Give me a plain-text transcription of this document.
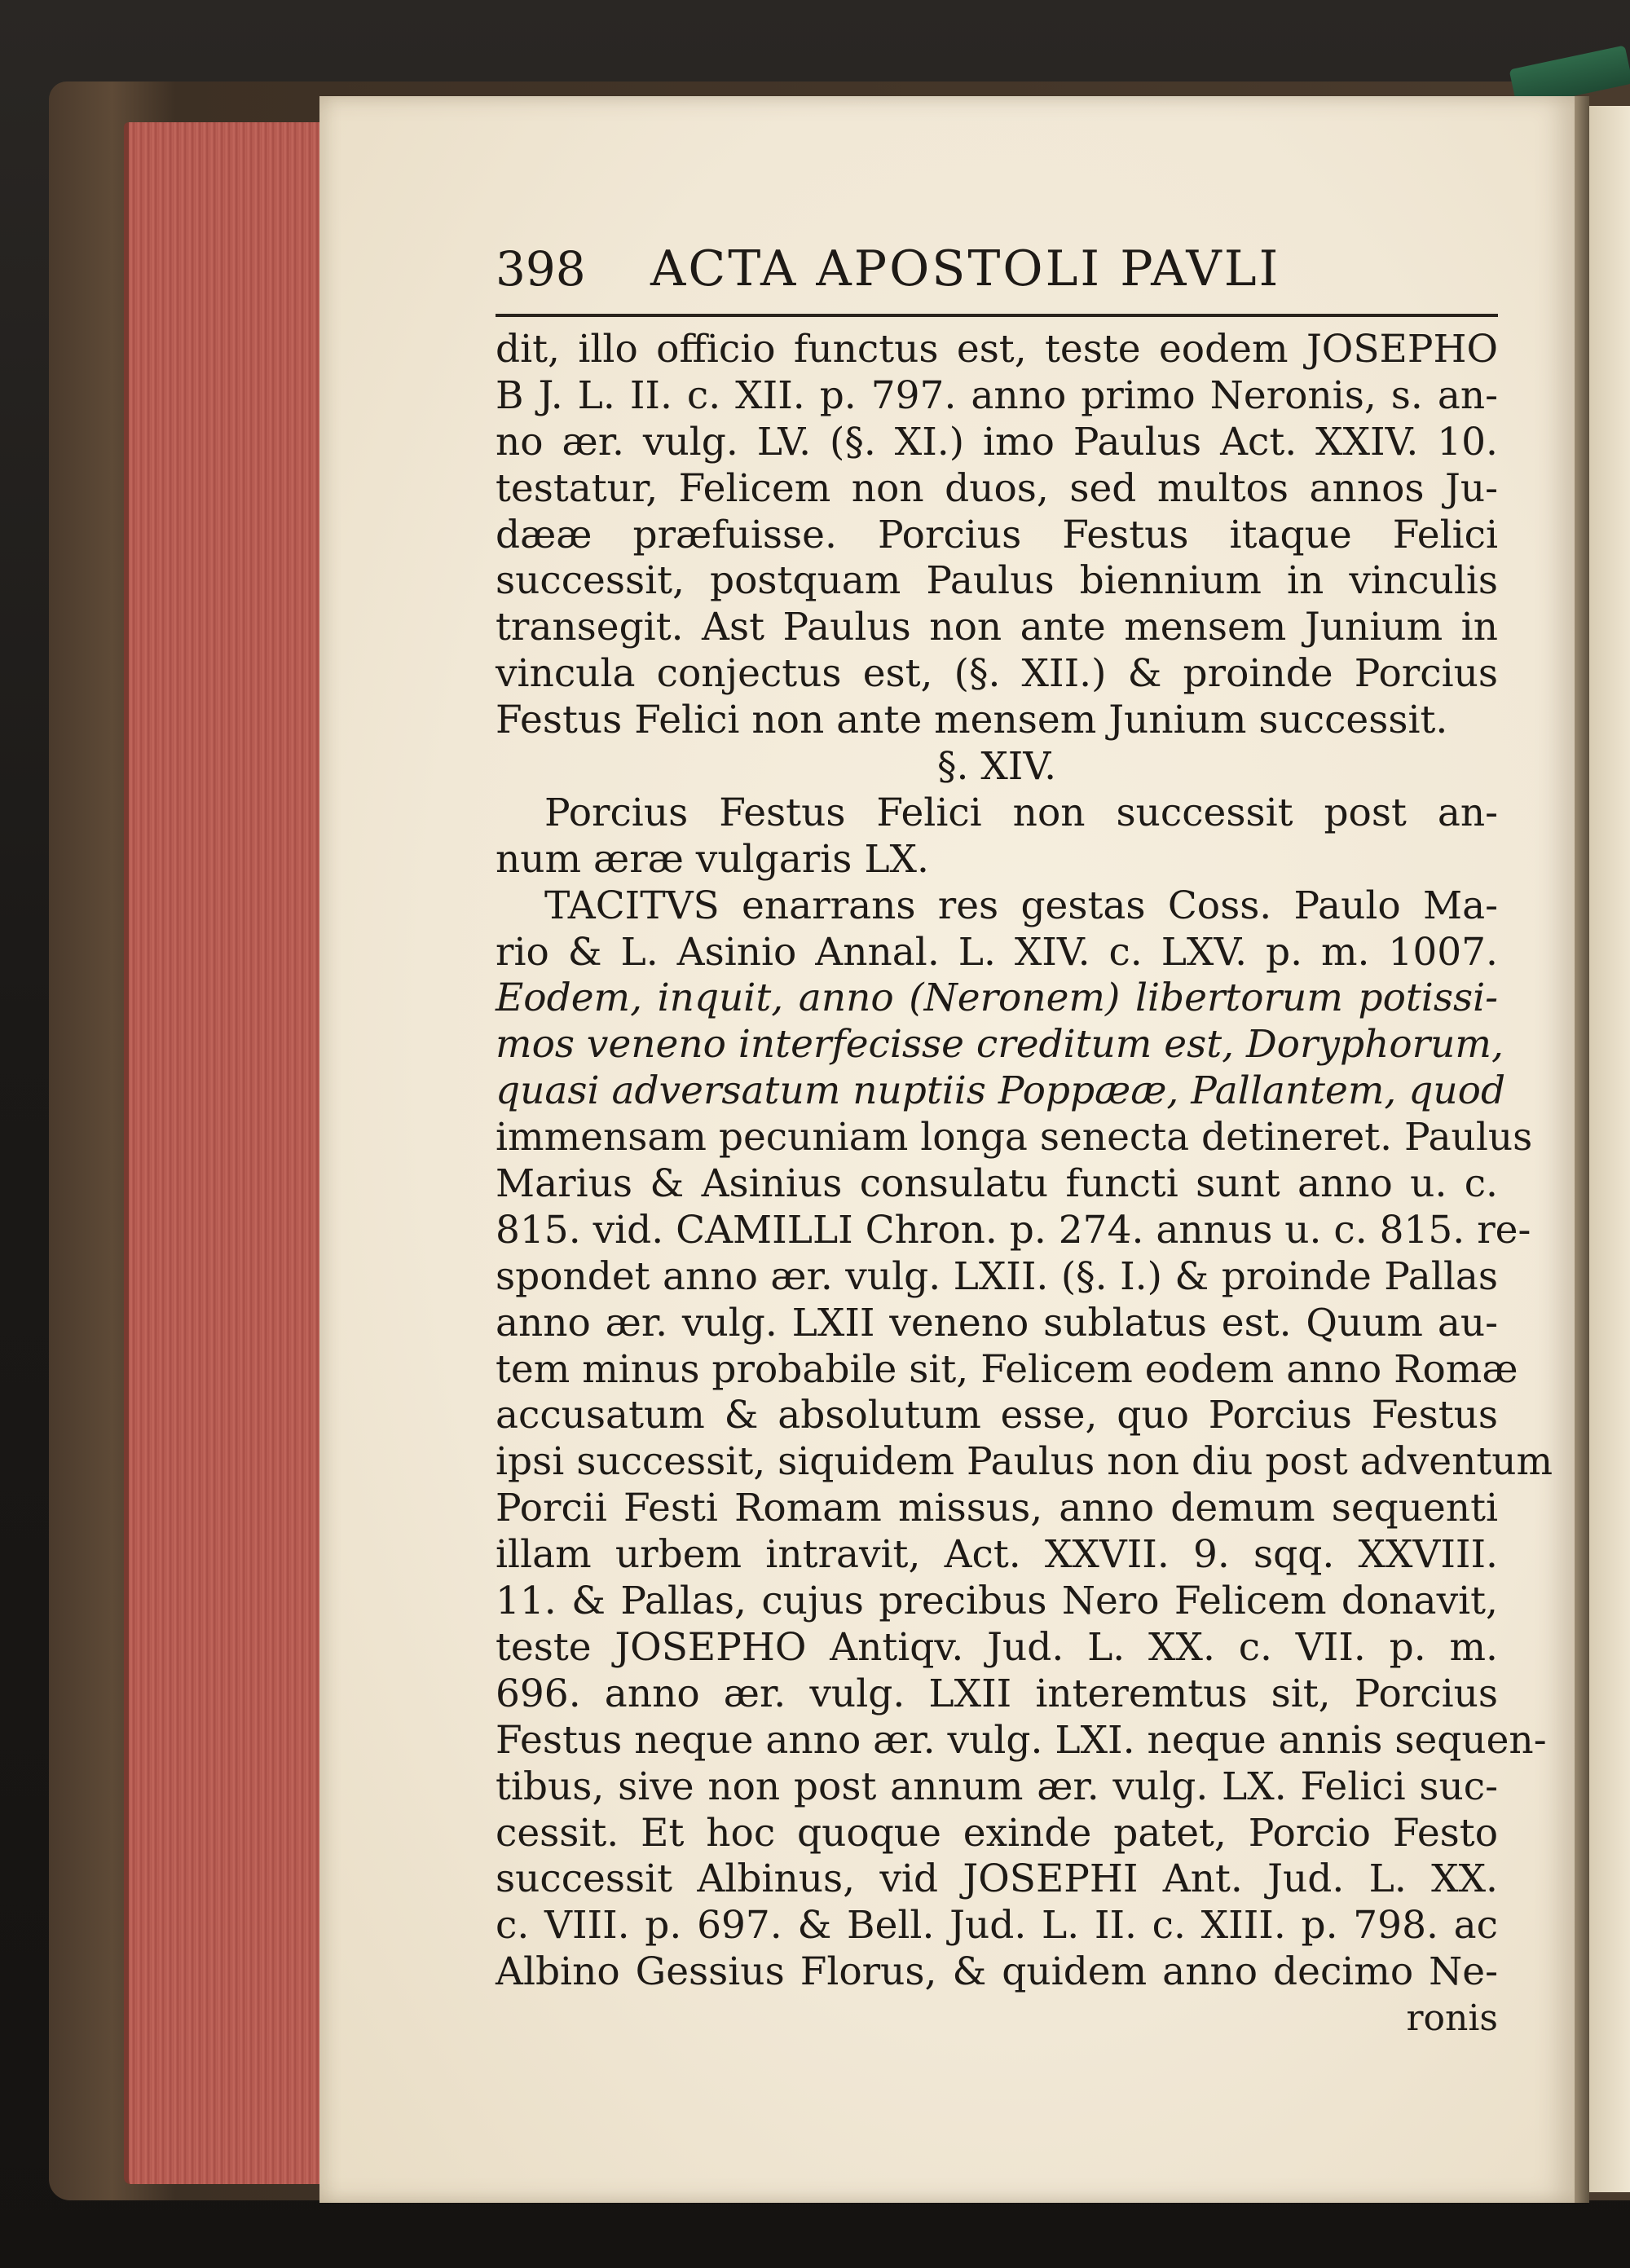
398	ACTA APOSTOLI PAVLI
dit, illo officio functus est, teste eodem JOSEPHO
B J. L. II. c. XII. p. 797. anno primo Neronis, s. an-
no ær. vulg. LV. (§. XI.) imo Paulus Act. XXIV. 10.
testatur, Felicem non duos, sed multos annos Ju-
dææ præfuisse. Porcius Festus itaque Felici
successit, postquam Paulus biennium in vinculis
transegit. Ast Paulus non ante mensem Junium in
vincula conjectus est, (§. XII.) & proinde Porcius
Festus Felici non ante mensem Junium successit.
§. XIV.
Porcius Festus Felici non successit post an-
num æræ vulgaris LX.
TACITVS enarrans res gestas Coss. Paulo Ma-
rio & L. Asinio Annal. L. XIV. c. LXV. p. m. 1007.
Eodem, inquit, anno (Neronem) libertorum potissi-
mos veneno interfecisse creditum est, Doryphorum,
quasi adversatum nuptiis Poppææ, Pallantem, quod
immensam pecuniam longa senecta detineret. Paulus
Marius & Asinius consulatu functi sunt anno u. c.
815. vid. CAMILLI Chron. p. 274. annus u. c. 815. re-
spondet anno ær. vulg. LXII. (§. I.) & proinde Pallas
anno ær. vulg. LXII veneno sublatus est. Quum au-
tem minus probabile sit, Felicem eodem anno Romæ
accusatum & absolutum esse, quo Porcius Festus
ipsi successit, siquidem Paulus non diu post adventum
Porcii Festi Romam missus, anno demum sequenti
illam urbem intravit, Act. XXVII. 9. sqq. XXVIII.
11. & Pallas, cujus precibus Nero Felicem donavit,
teste JOSEPHO Antiqv. Jud. L. XX. c. VII. p. m.
696. anno ær. vulg. LXII interemtus sit, Porcius
Festus neque anno ær. vulg. LXI. neque annis sequen-
tibus, sive non post annum ær. vulg. LX. Felici suc-
cessit. Et hoc quoque exinde patet, Porcio Festo
successit Albinus, vid JOSEPHI Ant. Jud. L. XX.
c. VIII. p. 697. & Bell. Jud. L. II. c. XIII. p. 798. ac
Albino Gessius Florus, & quidem anno decimo Ne-
ronis
